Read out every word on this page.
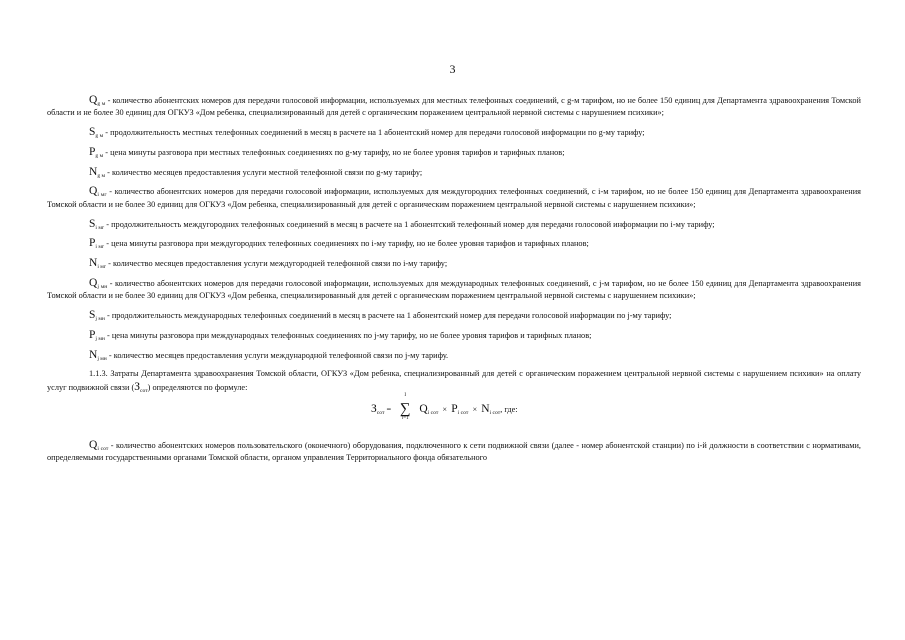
3

$Q_{g м}$ - количество абонентских номеров для передачи голосовой информации, используемых для местных телефонных соединений, с g-м тарифом, но не более 150 единиц для Департамента здравоохранения Томской области и не более 30 единиц для ОГКУЗ «Дом ребенка, специализированный для детей с органическим поражением центральной нервной системы с нарушением психики»;

$S_{g м}$ - продолжительность местных телефонных соединений в месяц в расчете на 1 абонентский номер для передачи голосовой информации по g-му тарифу;

$P_{g м}$ - цена минуты разговора при местных телефонных соединениях по g-му тарифу, но не более уровня тарифов и тарифных планов;

$N_{g м}$ - количество месяцев предоставления услуги местной телефонной связи по g-му тарифу;

$Q_{i мг}$ - количество абонентских номеров для передачи голосовой информации, используемых для междугородних телефонных соединений, с i-м тарифом, но не более 150 единиц для Департамента здравоохранения Томской области и не более 30 единиц для ОГКУЗ «Дом ребенка, специализированный для детей с органическим поражением центральной нервной системы с нарушением психики»;

$S_{i мг}$ - продолжительность междугородних телефонных соединений в месяц в расчете на 1 абонентский телефонный номер для передачи голосовой информации по i-му тарифу;

$P_{i мг}$ - цена минуты разговора при междугородних телефонных соединениях по i-му тарифу, но не более уровня тарифов и тарифных планов;

$N_{i мг}$ - количество месяцев предоставления услуги междугородней телефонной связи по i-му тарифу;

$Q_{j мн}$ - количество абонентских номеров для передачи голосовой информации, используемых для международных телефонных соединений, с j-м тарифом, но не более 150 единиц для Департамента здравоохранения Томской области и не более 30 единиц для ОГКУЗ «Дом ребенка, специализированный для детей с органическим поражением центральной нервной системы с нарушением психики»;

$S_{j мн}$ - продолжительность международных телефонных соединений в месяц в расчете на 1 абонентский номер для передачи голосовой информации по j-му тарифу;

$P_{j мн}$ - цена минуты разговора при международных телефонных соединениях по j-му тарифу, но не более уровня тарифов и тарифных планов;

$N_{j мн}$ - количество месяцев предоставления услуги международной телефонной связи по j-му тарифу.

1.1.3. Затраты Департамента здравоохранения Томской области, ОГКУЗ «Дом ребенка, специализированный для детей с органическим поражением центральной нервной системы с нарушением психики» на оплату услуг подвижной связи $(З_{сот})$ определяются по формуле:

$З_{сот}$ =
I
∑
i=1
$Q_{i сот} \times P_{i сот} \times N_{i сот}$, где:

$Q_{i сот}$ - количество абонентских номеров пользовательского (оконечного) оборудования, подключенного к сети подвижной связи (далее - номер абонентской станции) по i-й должности в соответствии с нормативами, определяемыми государственными органами Томской области, органом управления Территориального фонда обязательного
